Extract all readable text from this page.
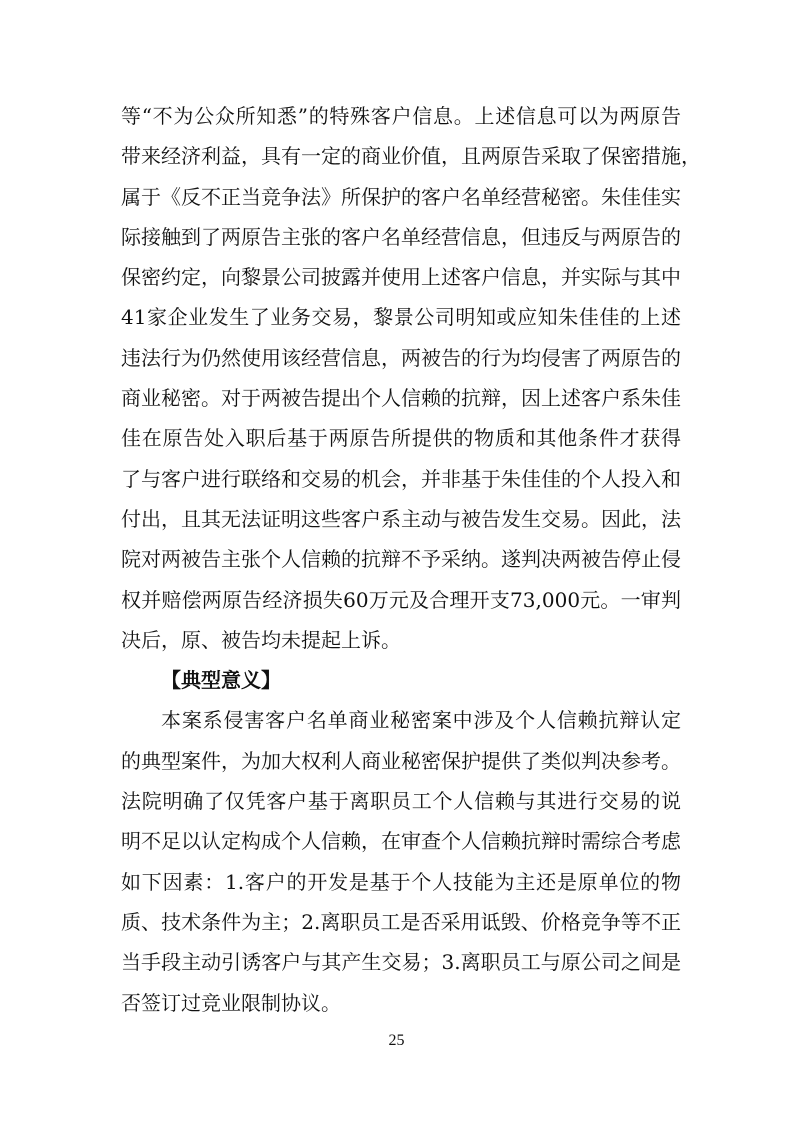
等“不为公众所知悉”的特殊客户信息。上述信息可以为两原告
带来经济利益，具有一定的商业价值，且两原告采取了保密措施，
属于《反不正当竞争法》所保护的客户名单经营秘密。朱佳佳实
际接触到了两原告主张的客户名单经营信息，但违反与两原告的
保密约定，向黎景公司披露并使用上述客户信息，并实际与其中
41家企业发生了业务交易，黎景公司明知或应知朱佳佳的上述
违法行为仍然使用该经营信息，两被告的行为均侵害了两原告的
商业秘密。对于两被告提出个人信赖的抗辩，因上述客户系朱佳
佳在原告处入职后基于两原告所提供的物质和其他条件才获得
了与客户进行联络和交易的机会，并非基于朱佳佳的个人投入和
付出，且其无法证明这些客户系主动与被告发生交易。因此，法
院对两被告主张个人信赖的抗辩不予采纳。遂判决两被告停止侵
权并赔偿两原告经济损失60万元及合理开支73,000元。一审判
决后，原、被告均未提起上诉。
【典型意义】
本案系侵害客户名单商业秘密案中涉及个人信赖抗辩认定
的典型案件，为加大权利人商业秘密保护提供了类似判决参考。
法院明确了仅凭客户基于离职员工个人信赖与其进行交易的说
明不足以认定构成个人信赖，在审查个人信赖抗辩时需综合考虑
如下因素：1.客户的开发是基于个人技能为主还是原单位的物
质、技术条件为主；2.离职员工是否采用诋毁、价格竞争等不正
当手段主动引诱客户与其产生交易；3.离职员工与原公司之间是
否签订过竞业限制协议。
25
